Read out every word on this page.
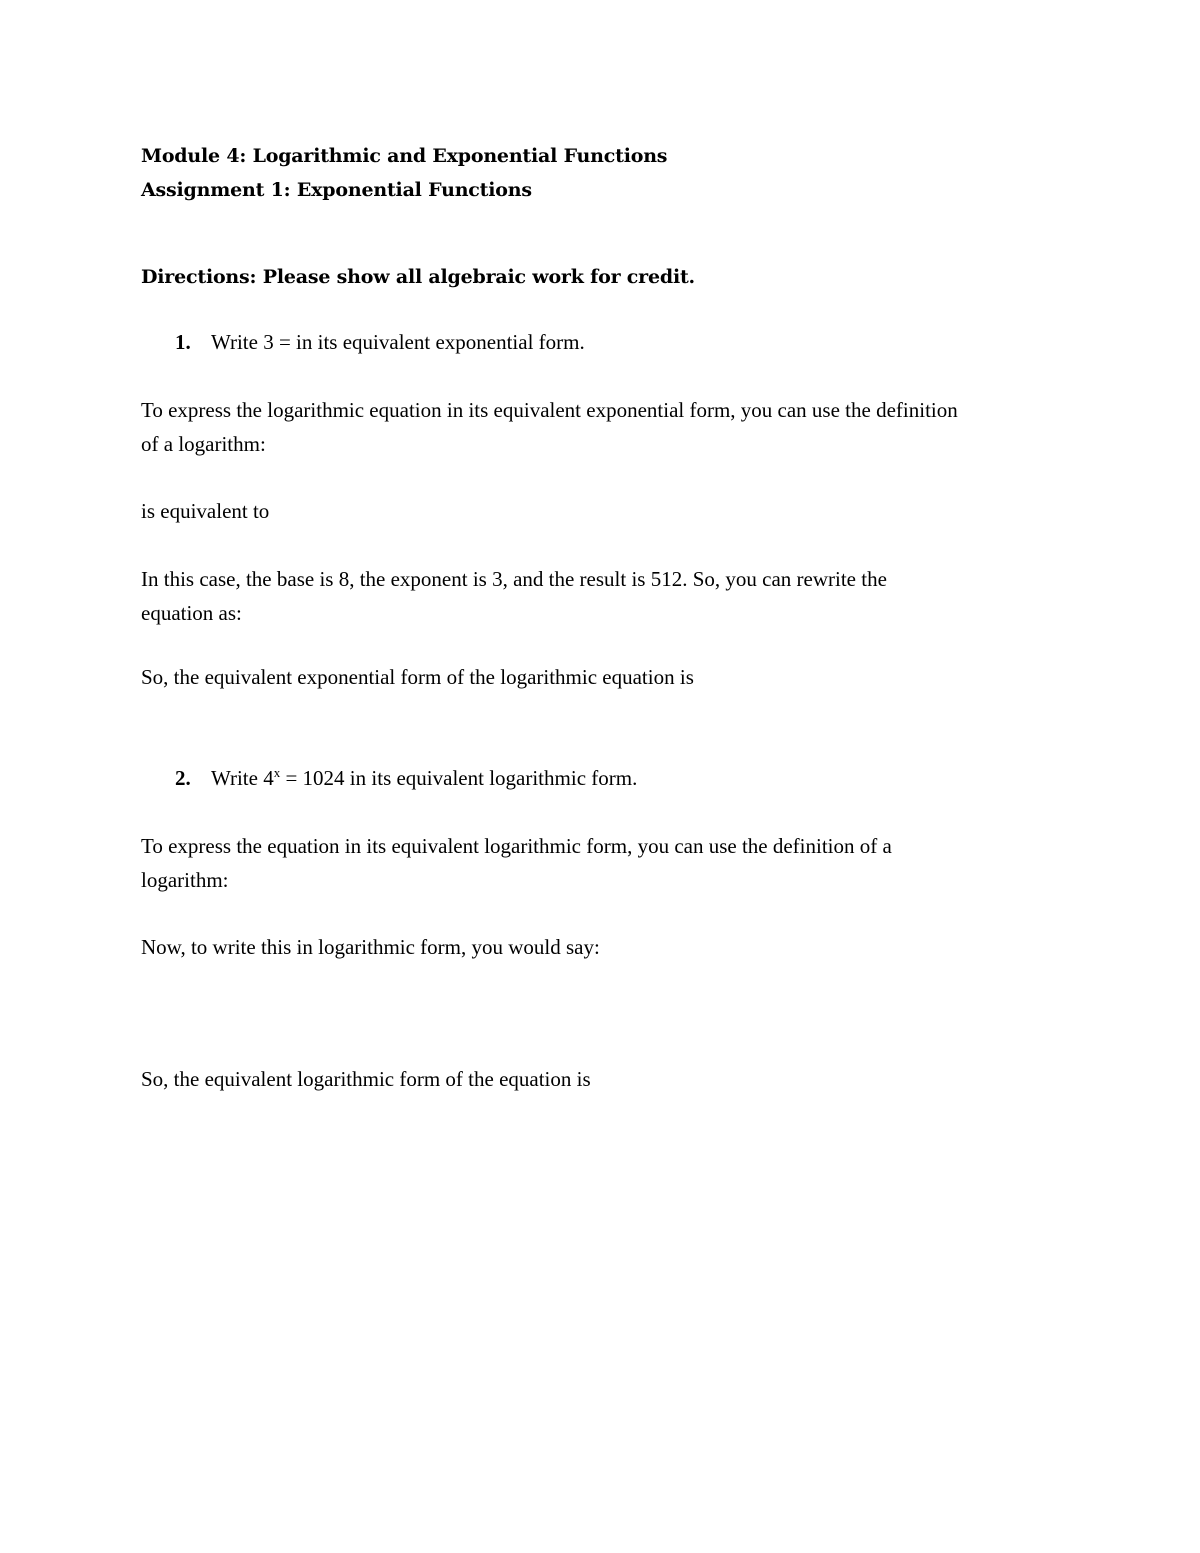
Module 4: Logarithmic and Exponential Functions
Assignment 1: Exponential Functions
Directions: Please show all algebraic work for credit.
1. Write 3 = in its equivalent exponential form.
To express the logarithmic equation in its equivalent exponential form, you can use the definition
of a logarithm:
is equivalent to
In this case, the base is 8, the exponent is 3, and the result is 512. So, you can rewrite the
equation as:
So, the equivalent exponential form of the logarithmic equation is
2. Write $4^x = 1024$ in its equivalent logarithmic form.
To express the equation in its equivalent logarithmic form, you can use the definition of a
logarithm:
Now, to write this in logarithmic form, you would say:
So, the equivalent logarithmic form of the equation is
